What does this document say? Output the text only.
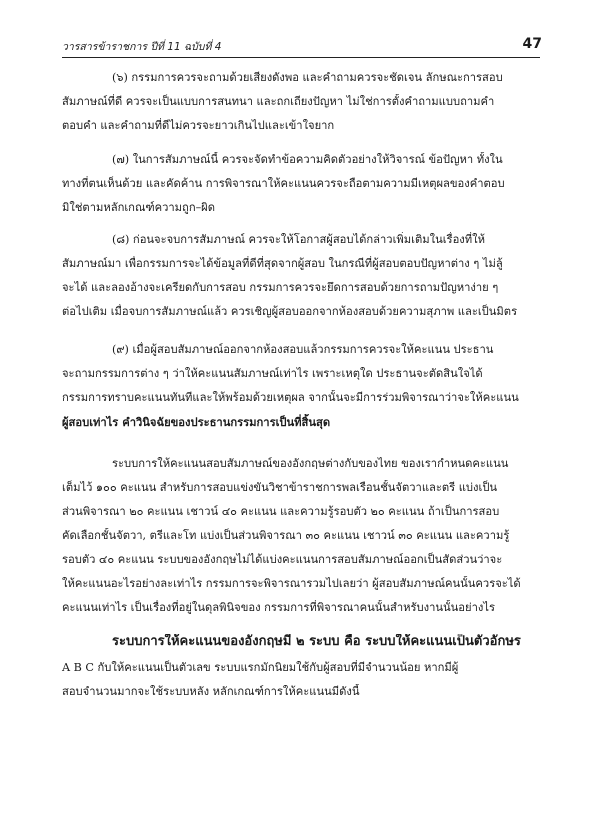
วารสารข้าราชการ ปีที่ 11 ฉบับที่ 4	47
(๖) กรรมการควรจะถามด้วยเสียงดังพอ และคำถามควรจะชัดเจน ลักษณะการสอบ
สัมภาษณ์ที่ดี ควรจะเป็นแบบการสนทนา และถกเถียงปัญหา ไม่ใช่การตั้งคำถามแบบถามคำ
ตอบคำ และคำถามที่ดีไม่ควรจะยาวเกินไปและเข้าใจยาก
(๗) ในการสัมภาษณ์นี้ ควรจะจัดทำข้อความคิดตัวอย่างให้วิจารณ์ ข้อปัญหา ทั้งใน
ทางที่ตนเห็นด้วย และคัดค้าน การพิจารณาให้คะแนนควรจะถือตามความมีเหตุผลของคำตอบ
มิใช่ตามหลักเกณฑ์ความถูก–ผิด
(๘) ก่อนจะจบการสัมภาษณ์ ควรจะให้โอกาสผู้สอบได้กล่าวเพิ่มเติมในเรื่องที่ให้
สัมภาษณ์มา เพื่อกรรมการจะได้ข้อมูลที่ดีที่สุดจากผู้สอบ ในกรณีที่ผู้สอบตอบปัญหาต่าง ๆ ไม่ลู้
จะได้ และลองอ้างจะเครียดกับการสอบ กรรมการควรจะยึดการสอบด้วยการถามปัญหาง่าย ๆ
ต่อไปเติม เมื่อจบการสัมภาษณ์แล้ว ควรเชิญผู้สอบออกจากห้องสอบด้วยความสุภาพ และเป็นมิตร
(๙) เมื่อผู้สอบสัมภาษณ์ออกจากห้องสอบแล้วกรรมการควรจะให้คะแนน ประธาน
จะถามกรรมการต่าง ๆ ว่าให้คะแนนสัมภาษณ์เท่าไร เพราะเหตุใด ประธานจะตัดสินใจได้
กรรมการทราบคะแนนทันทีและให้พร้อมด้วยเหตุผล จากนั้นจะมีการร่วมพิจารณาว่าจะให้คะแนน
ผู้สอบเท่าไร คำวินิจฉัยของประธานกรรมการเป็นที่สิ้นสุด
ระบบการให้คะแนนสอบสัมภาษณ์ของอังกฤษต่างกับของไทย ของเรากำหนดคะแนน
เต็มไว้ ๑๐๐ คะแนน สำหรับการสอบแข่งขันวิชาข้าราชการพลเรือนชั้นจัตวาและตรี แบ่งเป็น
ส่วนพิจารณา ๒๐ คะแนน เชาวน์ ๔๐ คะแนน และความรู้รอบตัว ๒๐ คะแนน ถ้าเป็นการสอบ
คัดเลือกชั้นจัตวา, ตรีและโท แบ่งเป็นส่วนพิจารณา ๓๐ คะแนน เชาวน์ ๓๐ คะแนน และความรู้
รอบตัว ๔๐ คะแนน ระบบของอังกฤษไม่ได้แบ่งคะแนนการสอบสัมภาษณ์ออกเป็นสัดส่วนว่าจะ
ให้คะแนนอะไรอย่างละเท่าไร กรรมการจะพิจารณารวมไปเลยว่า ผู้สอบสัมภาษณ์คนนั้นควรจะได้
คะแนนเท่าไร เป็นเรื่องที่อยู่ในดุลพินิจของ กรรมการที่พิจารณาคนนั้นสำหรับงานนั้นอย่างไร
ระบบการให้คะแนนของอังกฤษมี ๒ ระบบ คือ ระบบให้คะแนนเป็นตัวอักษร
A B C กับให้คะแนนเป็นตัวเลข ระบบแรกมักนิยมใช้กับผู้สอบที่มีจำนวนน้อย หากมีผู้
สอบจำนวนมากจะใช้ระบบหลัง หลักเกณฑ์การให้คะแนนมีดังนี้
